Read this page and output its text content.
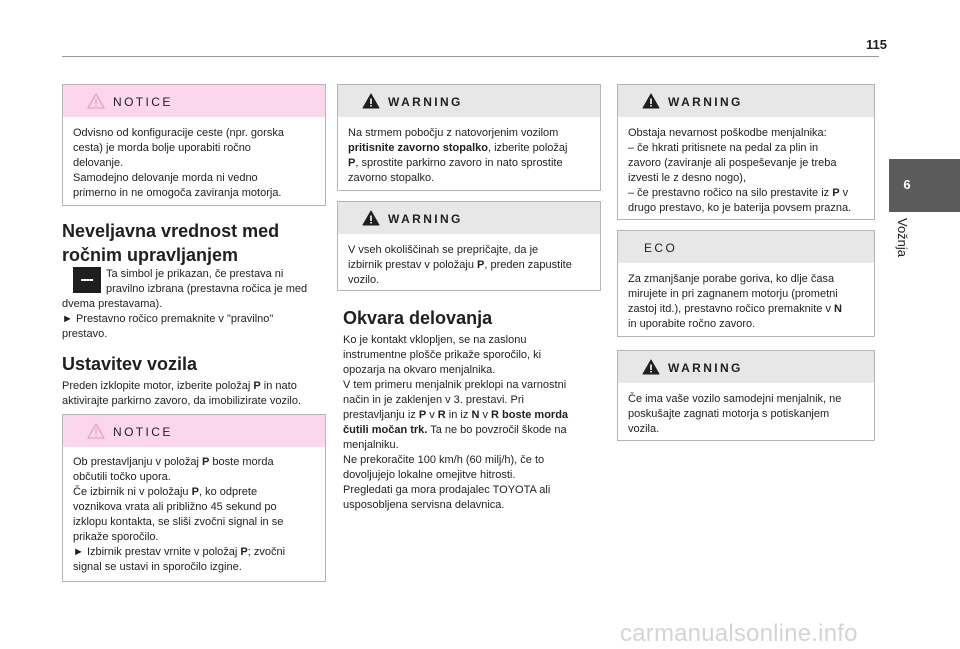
115
6
Vožnja
NOTICE

Odvisno od konfiguracije ceste (npr. gorska

cesta) je morda bolje uporabiti ročno

delovanje.

Samodejno delovanje morda ni vedno

primerno in ne omogoča zaviranja motorja.

Neveljavna vrednost med
ročnim upravljanjem
Ta simbol je prikazan, če prestava ni
pravilno izbrana (prestavna ročica je med
dvema prestavama).
► Prestavno ročico premaknite v "pravilno"
prestavo.
Ustavitev vozila
Preden izklopite motor, izberite položaj P in nato
aktivirajte parkirno zavoro, da imobilizirate vozilo.
NOTICE

Ob prestavljanju v položaj P boste morda

občutili točko upora.

Če izbirnik ni v položaju P, ko odprete

voznikova vrata ali približno 45 sekund po

izklopu kontakta, se sliši zvočni signal in se

prikaže sporočilo.

► Izbirnik prestav vrnite v položaj P; zvočni

signal se ustavi in sporočilo izgine.

WARNING

Na strmem pobočju z natovorjenim vozilom

pritisnite zavorno stopalko, izberite položaj

P, sprostite parkirno zavoro in nato sprostite

zavorno stopalko.

WARNING

V vseh okoliščinah se prepričajte, da je

izbirnik prestav v položaju P, preden zapustite

vozilo.

Okvara delovanja
Ko je kontakt vklopljen, se na zaslonu
instrumentne plošče prikaže sporočilo, ki
opozarja na okvaro menjalnika.
V tem primeru menjalnik preklopi na varnostni
način in je zaklenjen v 3. prestavi. Pri
prestavljanju iz P v R in iz N v R boste morda
čutili močan trk. Ta ne bo povzročil škode na
menjalniku.
Ne prekoračite 100 km/h (60 milj/h), če to
dovoljujejo lokalne omejitve hitrosti.
Pregledati ga mora prodajalec TOYOTA ali
usposobljena servisna delavnica.
WARNING

Obstaja nevarnost poškodbe menjalnika:

– če hkrati pritisnete na pedal za plin in

zavoro (zaviranje ali pospeševanje je treba

izvesti le z desno nogo),

– če prestavno ročico na silo prestavite iz P v

drugo prestavo, ko je baterija povsem prazna.

ECO

Za zmanjšanje porabe goriva, ko dlje časa

mirujete in pri zagnanem motorju (prometni

zastoj itd.), prestavno ročico premaknite v N

in uporabite ročno zavoro.

WARNING

Če ima vaše vozilo samodejni menjalnik, ne

poskušajte zagnati motorja s potiskanjem

vozila.

carmanualsonline.info
